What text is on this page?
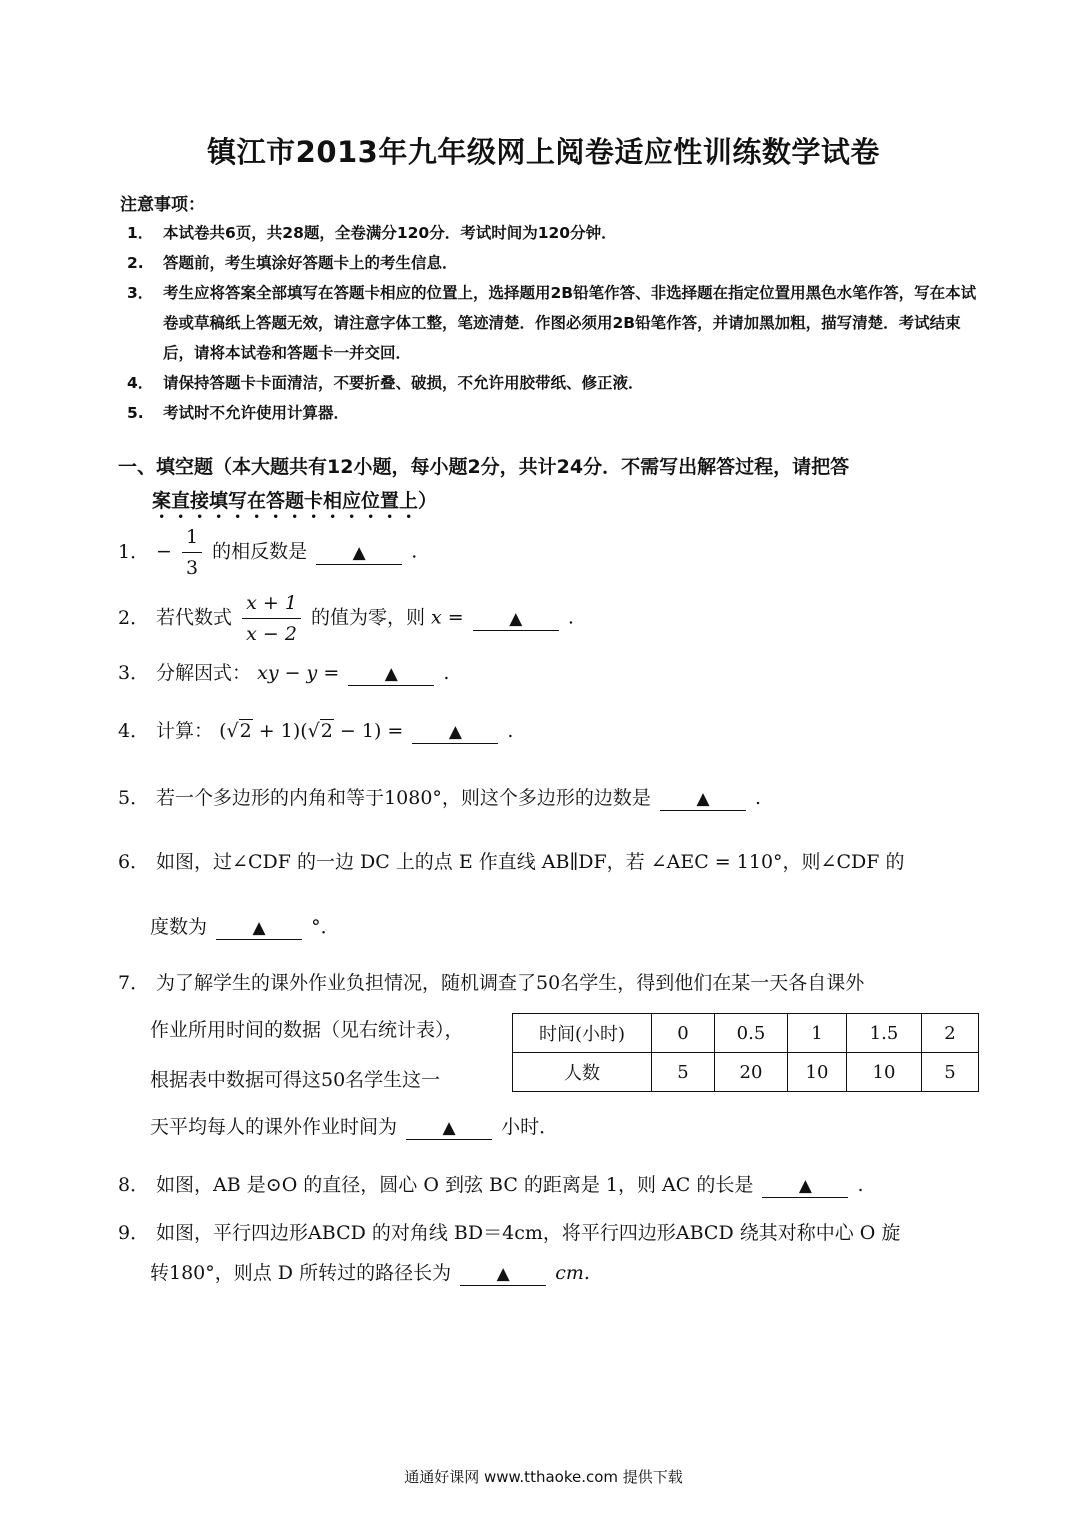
镇江市2013年九年级网上阅卷适应性训练数学试卷
注意事项：
1． 本试卷共6页，共28题，全卷满分120分．考试时间为120分钟．
2.	答题前，考生填涂好答题卡上的考生信息．
3． 考生应将答案全部填写在答题卡相应的位置上，选择题用2B铅笔作答、非选择题在指定位置用黑色水笔作答，写在本试卷或草稿纸上答题无效，请注意字体工整，笔迹清楚．作图必须用2B铅笔作答，并请加黑加粗，描写清楚．考试结束后，请将本试卷和答题卡一并交回．
4． 请保持答题卡卡面清洁，不要折叠、破损，不允许用胶带纸、修正液．
5.	考试时不允许使用计算器．
一、填空题（本大题共有12小题，每小题2分，共计24分．不需写出解答过程，请把答
案直接填写在答题卡相应位置上）
1． − $\frac{1}{3}$ 的相反数是	▲ .
2． 若代数式 $\frac{x + 1}{x - 2}$ 的值为零，则 x =	▲ .
3． 分解因式： xy − y =	▲ .
4． 计算： (√2 + 1)(√2 − 1) =	▲ .
5． 若一个多边形的内角和等于1080°，则这个多边形的边数是	▲ .
6． 如图，过∠CDF 的一边 DC 上的点 E 作直线 AB∥DF，若 ∠AEC = 110°，则∠CDF 的
度数为	▲ °．
7． 为了解学生的课外作业负担情况，随机调查了50名学生，得到他们在某一天各自课外
作业所用时间的数据（见右统计表），
根据表中数据可得这50名学生这一
天平均每人的课外作业时间为	▲ 小时．
时间(小时)	0	0.5	1	1.5	2
人数	5	20	10	10	5
8． 如图，AB 是⊙O 的直径，圆心 O 到弦 BC 的距离是 1，则 AC 的长是	▲ .
9． 如图，平行四边形ABCD 的对角线 BD＝4cm，将平行四边形ABCD 绕其对称中心 O 旋
转180°，则点 D 所转过的路径长为	▲ cm.
通通好课网 www.tthaoke.com 提供下载
